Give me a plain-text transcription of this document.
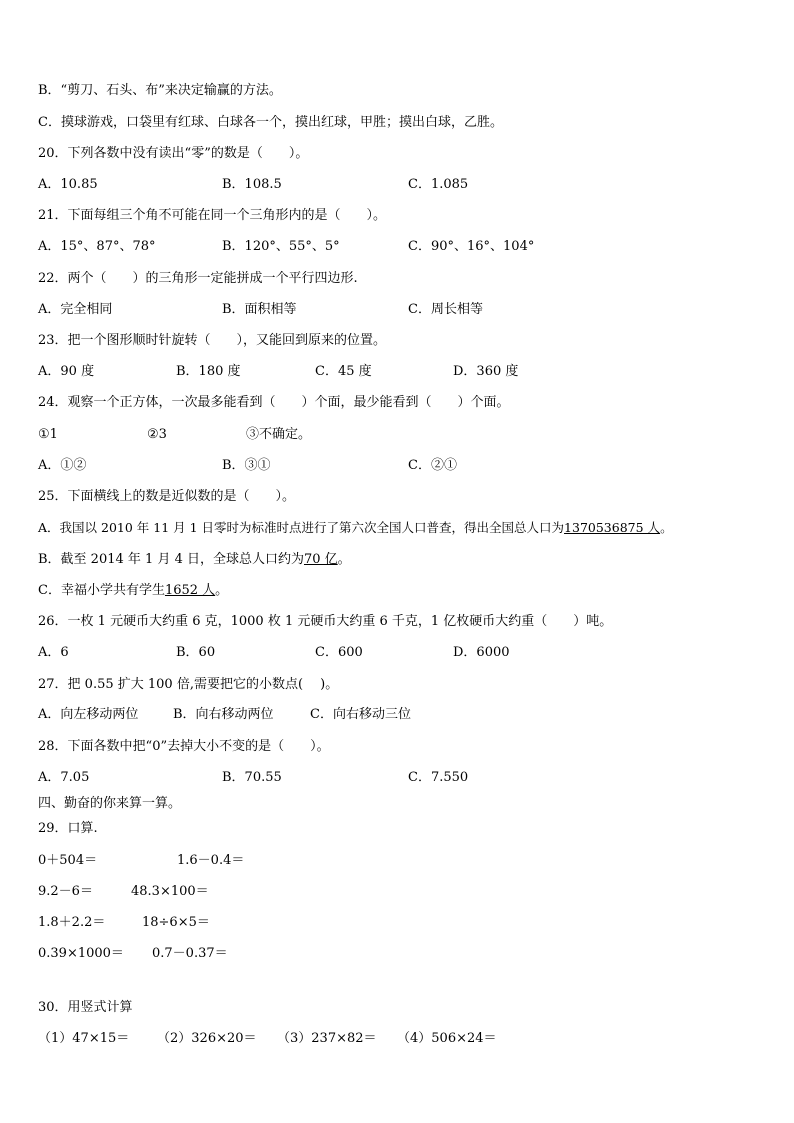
B．“剪刀、石头、布”来决定输赢的方法。
C．摸球游戏，口袋里有红球、白球各一个，摸出红球，甲胜；摸出白球，乙胜。
20．下列各数中没有读出“零”的数是（　　）。
A．10.85	B．108.5	C．1.085
21．下面每组三个角不可能在同一个三角形内的是（　　）。
A．15°、87°、78°	B．120°、55°、5°	C．90°、16°、104°
22．两个（　　）的三角形一定能拼成一个平行四边形.
A．完全相同	B．面积相等	C．周长相等
23．把一个图形顺时针旋转（　　），又能回到原来的位置。
A．90 度	B．180 度	C．45 度	D．360 度
24．观察一个正方体，一次最多能看到（　　）个面，最少能看到（　　）个面。
①1	②3	③不确定。
A．①②	B．③①	C．②①
25．下面横线上的数是近似数的是（　　）。
A．我国以 2010 年 11 月 1 日零时为标准时点进行了第六次全国人口普查，得出全国总人口为1370536875 人。
B．截至 2014 年 1 月 4 日，全球总人口约为70 亿。
C．幸福小学共有学生1652 人。
26．一枚 1 元硬币大约重 6 克，1000 枚 1 元硬币大约重 6 千克，1 亿枚硬币大约重（　　）吨。
A．6	B．60	C．600	D．6000
27．把 0.55 扩大 100 倍,需要把它的小数点(　 )。
A．向左移动两位	B．向右移动两位	C．向右移动三位
28．下面各数中把“0”去掉大小不变的是（　　）。
A．7.05	B．70.55	C．7.550
四、勤奋的你来算一算。
29．口算.
0＋504＝	1.6－0.4＝
9.2－6＝	48.3×100＝
1.8＋2.2＝	18÷6×5＝
0.39×1000＝ 0.7－0.37＝
30．用竖式计算
（1）47×15＝ （2）326×20＝ （3）237×82＝ （4）506×24＝
